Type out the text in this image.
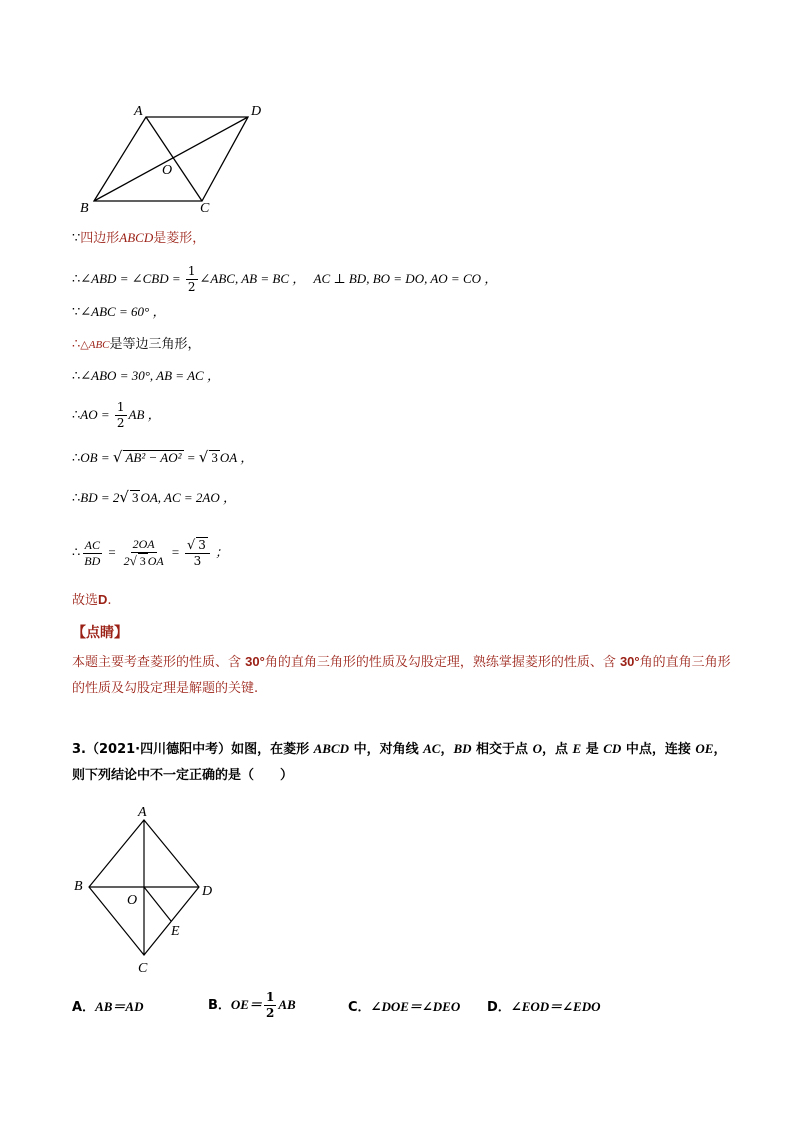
A	D
B	C
O
∵四边形ABCD是菱形，
∴∠ABD = ∠CBD = $\frac{1}{2}$ ∠ABC, AB = BC ， AC ⊥ BD, BO = DO, AO = CO ，
∵∠ABC = 60° ，
∴△ABC是等边三角形，
∴∠ABO = 30°, AB = AC ，
∴AO = $\frac{1}{2}$ AB ，
∴OB = √ AB² − AO² = √ 3 OA ，
∴BD = 2√ 3 OA, AC = 2AO ，
∴ $\frac{AC}{BD} = \frac{2OA}{2√ 3 OA} = \frac{√ 3}{3}$ ；
故选D.
【点睛】
本题主要考查菱形的性质、含 30°角的直角三角形的性质及勾股定理，熟练掌握菱形的性质、含 30°角的直角三角形的性质及勾股定理是解题的关键.
3.（2021·四川德阳中考）如图，在菱形 ABCD 中，对角线 AC，BD 相交于点 O，点 E 是 CD 中点，连接 OE，则下列结论中不一定正确的是（　　）
A
B	D
O
E
C
A．AB＝AD	B．$OE= \frac{1}{2}$ AB	C．∠DOE＝∠DEO D．∠EOD＝∠EDO
